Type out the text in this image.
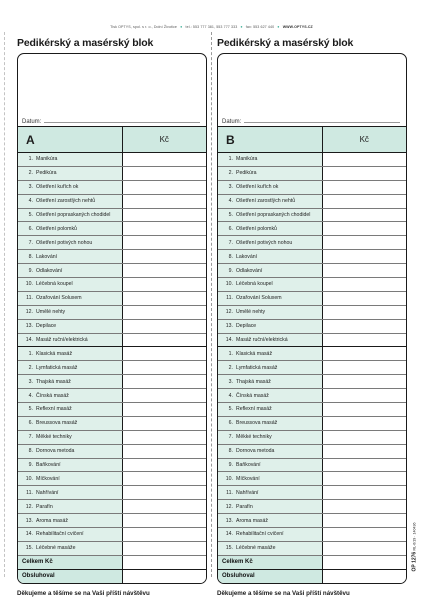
Tisk OPTYS, spol. s r. o., Dolní Životice ● tel.: 553 777 381, 553 777 333 ● fax: 553 627 440 ● WWW.OPTYS.CZ
OP 1276 RL-6/19 · 140436
Pedikérský a masérský blok
Datum:
A	Kč
1. Manikúra	
2. Pedikúra	
3. Ošetření kuřích ok	
4. Ošetření zarostlých nehtů	
5. Ošetření popraskaných chodidel	
6. Ošetření polomků	
7. Ošetření potivých nohou	
8. Lakování	
9. Odlakování	
10. Léčebná koupel	
11. Ozařování Soluxem	
12. Umělé nehty	
13. Depilace	
14. Masáž ruční/elektrická	
1. Klasická masáž	
2. Lymfatická masáž	
3. Thajská masáž	
4. Čínská masáž	
5. Reflexní masáž	
6. Breussova masáž	
7. Měkké techniky	
8. Dornova metoda	
9. Baňkování	
10. Míčkování	
11. Nahřívání	
12. Parafín	
13. Aroma masáž	
14. Rehabilitační cvičení	
15. Léčebné masáže	
Celkem Kč	
Obsluhoval	
Děkujeme a těšíme se na Vaši příští návštěvu
Pedikérský a masérský blok
Datum:
B	Kč
1. Manikúra	
2. Pedikúra	
3. Ošetření kuřích ok	
4. Ošetření zarostlých nehtů	
5. Ošetření popraskaných chodidel	
6. Ošetření polomků	
7. Ošetření potivých nohou	
8. Lakování	
9. Odlakování	
10. Léčebná koupel	
11. Ozařování Soluxem	
12. Umělé nehty	
13. Depilace	
14. Masáž ruční/elektrická	
1. Klasická masáž	
2. Lymfatická masáž	
3. Thajská masáž	
4. Čínská masáž	
5. Reflexní masáž	
6. Breussova masáž	
7. Měkké techniky	
8. Dornova metoda	
9. Baňkování	
10. Míčkování	
11. Nahřívání	
12. Parafín	
13. Aroma masáž	
14. Rehabilitační cvičení	
15. Léčebné masáže	
Celkem Kč	
Obsluhoval	
Děkujeme a těšíme se na Vaši příští návštěvu
